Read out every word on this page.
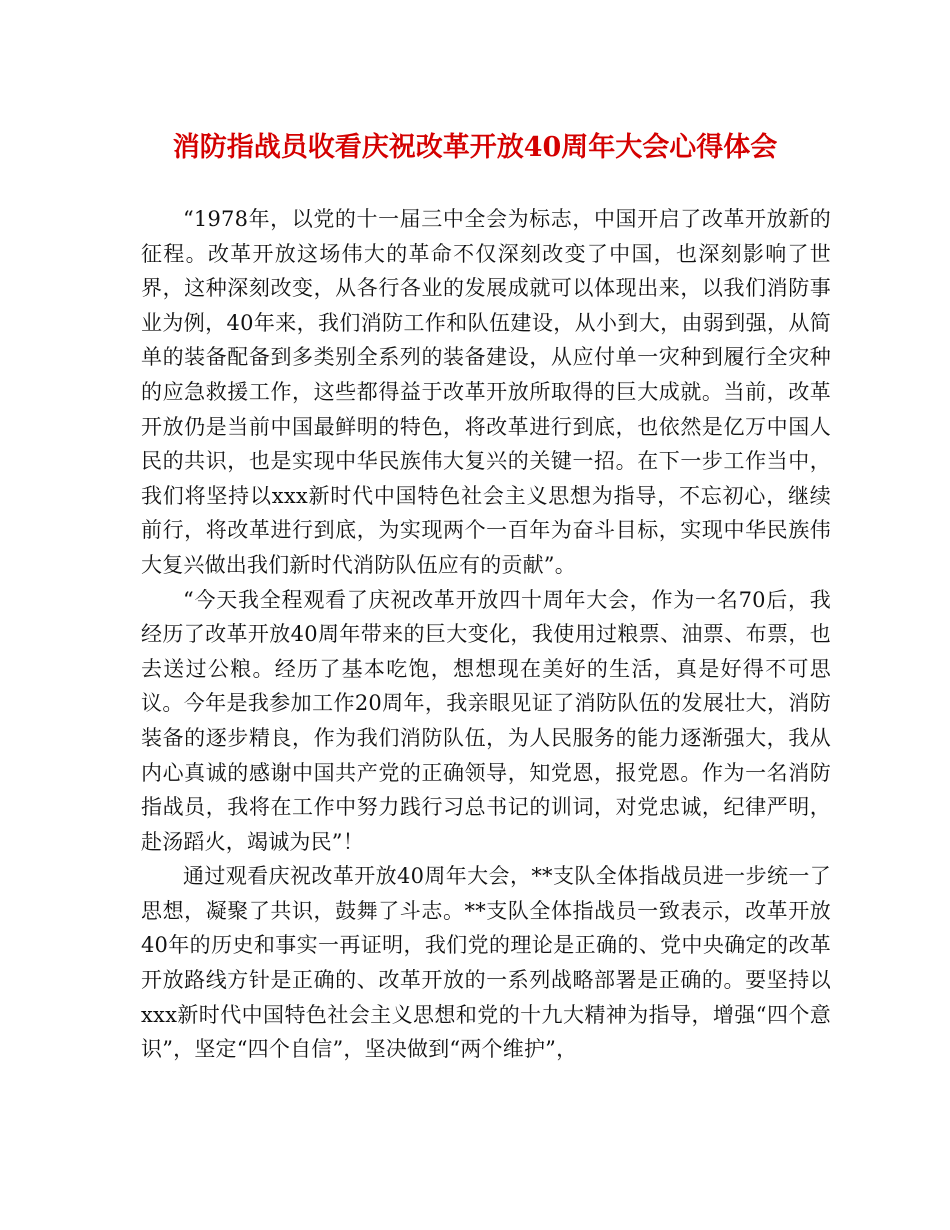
消防指战员收看庆祝改革开放40周年大会心得体会

“1978年，以党的十一届三中全会为标志，中国开启了改革开放新的征程。改革开放这场伟大的革命不仅深刻改变了中国，也深刻影响了世界，这种深刻改变，从各行各业的发展成就可以体现出来，以我们消防事业为例，40年来，我们消防工作和队伍建设，从小到大，由弱到强，从简单的装备配备到多类别全系列的装备建设，从应付单一灾种到履行全灾种的应急救援工作，这些都得益于改革开放所取得的巨大成就。当前，改革开放仍是当前中国最鲜明的特色，将改革进行到底，也依然是亿万中国人民的共识，也是实现中华民族伟大复兴的关键一招。在下一步工作当中，我们将坚持以xxx新时代中国特色社会主义思想为指导，不忘初心，继续前行，将改革进行到底，为实现两个一百年为奋斗目标，实现中华民族伟大复兴做出我们新时代消防队伍应有的贡献”。

“今天我全程观看了庆祝改革开放四十周年大会，作为一名70后，我经历了改革开放40周年带来的巨大变化，我使用过粮票、油票、布票，也去送过公粮。经历了基本吃饱，想想现在美好的生活，真是好得不可思议。今年是我参加工作20周年，我亲眼见证了消防队伍的发展壮大，消防装备的逐步精良，作为我们消防队伍，为人民服务的能力逐渐强大，我从内心真诚的感谢中国共产党的正确领导，知党恩，报党恩。作为一名消防指战员，我将在工作中努力践行习总书记的训词，对党忠诚，纪律严明，赴汤蹈火，竭诚为民”！

通过观看庆祝改革开放40周年大会，**支队全体指战员进一步统一了思想，凝聚了共识，鼓舞了斗志。**支队全体指战员一致表示，改革开放40年的历史和事实一再证明，我们党的理论是正确的、党中央确定的改革开放路线方针是正确的、改革开放的一系列战略部署是正确的。要坚持以xxx新时代中国特色社会主义思想和党的十九大精神为指导，增强“四个意识”，坚定“四个自信”，坚决做到“两个维护”，
